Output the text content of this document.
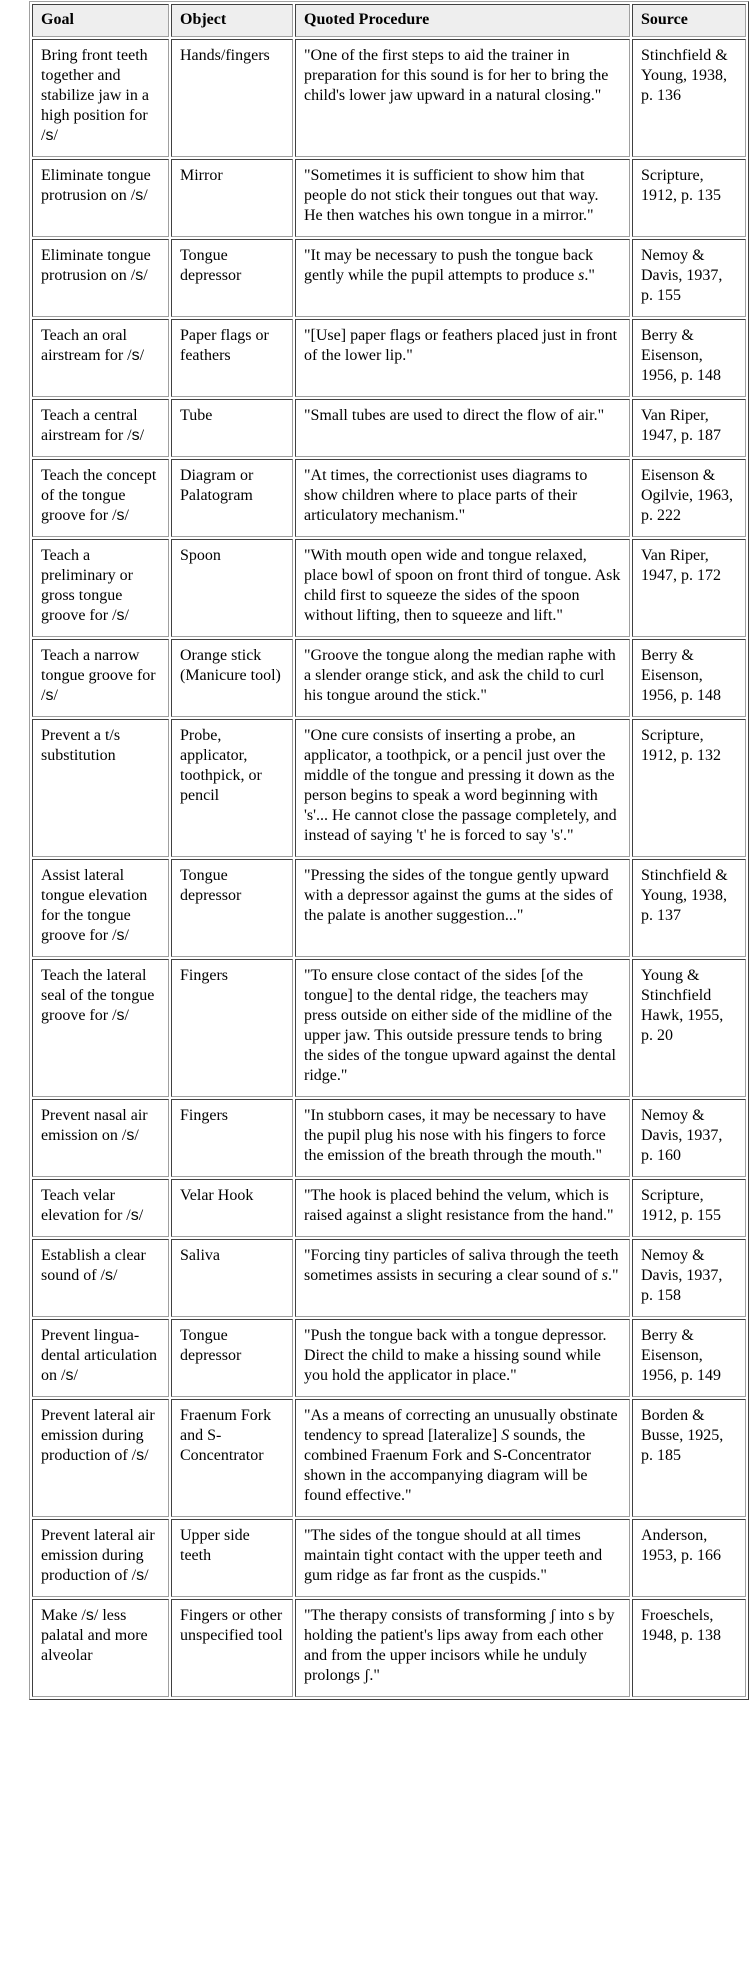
Goal	Object	Quoted Procedure	Source
Bring front teeth together and stabilize jaw in a high position for /s/	Hands/fingers	"One of the first steps to aid the trainer in preparation for this sound is for her to bring the child's lower jaw upward in a natural closing."	Stinchfield & Young, 1938, p. 136
Eliminate tongue protrusion on /s/	Mirror	"Sometimes it is sufficient to show him that people do not stick their tongues out that way. He then watches his own tongue in a mirror."	Scripture, 1912, p. 135
Eliminate tongue protrusion on /s/	Tongue depressor	"It may be necessary to push the tongue back gently while the pupil attempts to produce s."	Nemoy & Davis, 1937, p. 155
Teach an oral airstream for /s/	Paper flags or feathers	"[Use] paper flags or feathers placed just in front of the lower lip."	Berry & Eisenson, 1956, p. 148
Teach a central airstream for /s/	Tube	"Small tubes are used to direct the flow of air."	Van Riper, 1947, p. 187
Teach the concept of the tongue groove for /s/	Diagram or Palatogram	"At times, the correctionist uses diagrams to show children where to place parts of their articulatory mechanism."	Eisenson & Ogilvie, 1963, p. 222
Teach a preliminary or gross tongue groove for /s/	Spoon	"With mouth open wide and tongue relaxed, place bowl of spoon on front third of tongue. Ask child first to squeeze the sides of the spoon without lifting, then to squeeze and lift."	Van Riper, 1947, p. 172
Teach a narrow tongue groove for /s/	Orange stick (Manicure tool)	"Groove the tongue along the median raphe with a slender orange stick, and ask the child to curl his tongue around the stick."	Berry & Eisenson, 1956, p. 148
Prevent a t/s substitution	Probe, applicator, toothpick, or pencil	"One cure consists of inserting a probe, an applicator, a toothpick, or a pencil just over the middle of the tongue and pressing it down as the person begins to speak a word beginning with 's'... He cannot close the passage completely, and instead of saying 't' he is forced to say 's'."	Scripture, 1912, p. 132
Assist lateral tongue elevation for the tongue groove for /s/	Tongue depressor	"Pressing the sides of the tongue gently upward with a depressor against the gums at the sides of the palate is another suggestion..."	Stinchfield & Young, 1938, p. 137
Teach the lateral seal of the tongue groove for /s/	Fingers	"To ensure close contact of the sides [of the tongue] to the dental ridge, the teachers may press outside on either side of the midline of the upper jaw. This outside pressure tends to bring the sides of the tongue upward against the dental ridge."	Young & Stinchfield Hawk, 1955, p. 20
Prevent nasal air emission on /s/	Fingers	"In stubborn cases, it may be necessary to have the pupil plug his nose with his fingers to force the emission of the breath through the mouth."	Nemoy & Davis, 1937, p. 160
Teach velar elevation for /s/	Velar Hook	"The hook is placed behind the velum, which is raised against a slight resistance from the hand."	Scripture, 1912, p. 155
Establish a clear sound of /s/	Saliva	"Forcing tiny particles of saliva through the teeth sometimes assists in securing a clear sound of s."	Nemoy & Davis, 1937, p. 158
Prevent lingua-dental articulation on /s/	Tongue depressor	"Push the tongue back with a tongue depressor. Direct the child to make a hissing sound while you hold the applicator in place."	Berry & Eisenson, 1956, p. 149
Prevent lateral air emission during production of /s/	Fraenum Fork and S-Concentrator	"As a means of correcting an unusually obstinate tendency to spread [lateralize] S sounds, the combined Fraenum Fork and S-Concentrator shown in the accompanying diagram will be found effective."	Borden & Busse, 1925, p. 185
Prevent lateral air emission during production of /s/	Upper side teeth	"The sides of the tongue should at all times maintain tight contact with the upper teeth and gum ridge as far front as the cuspids."	Anderson, 1953, p. 166
Make /s/ less palatal and more alveolar	Fingers or other unspecified tool	"The therapy consists of transforming ʃ into s by holding the patient's lips away from each other and from the upper incisors while he unduly prolongs ʃ."	Froeschels, 1948, p. 138
